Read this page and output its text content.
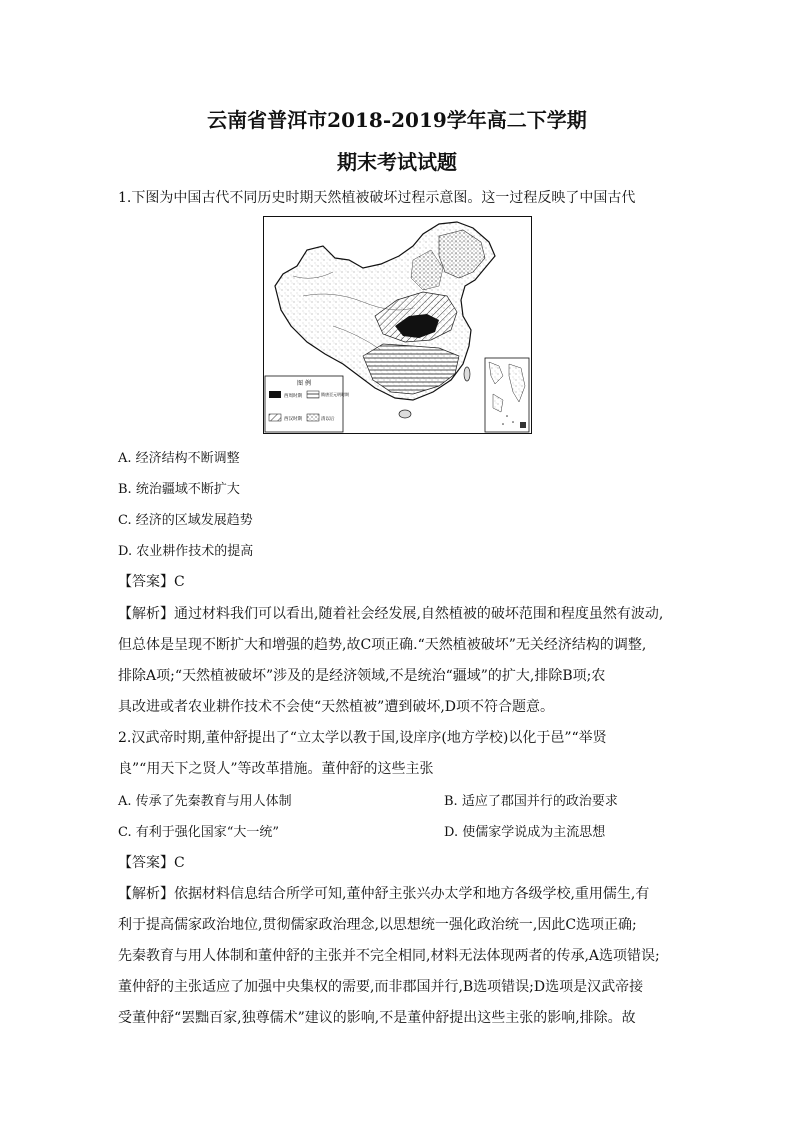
云南省普洱市2018-2019学年高二下学期
期末考试试题
1.下图为中国古代不同历史时期天然植被破坏过程示意图。这一过程反映了中国古代
图 例
西周时期	隋唐至元明时期
西汉时期	清以后
A. 经济结构不断调整
B. 统治疆域不断扩大
C. 经济的区域发展趋势
D. 农业耕作技术的提高
【答案】C
【解析】通过材料我们可以看出,随着社会经发展,自然植被的破坏范围和程度虽然有波动,
但总体是呈现不断扩大和增强的趋势,故C项正确.“天然植被破坏”无关经济结构的调整,
排除A项;“天然植被破坏”涉及的是经济领域,不是统治“疆域”的扩大,排除B项;农
具改进或者农业耕作技术不会使“天然植被”遭到破坏,D项不符合题意。
2.汉武帝时期,董仲舒提出了“立太学以教于国,设庠序(地方学校)以化于邑”“举贤
良”“用天下之贤人”等改革措施。董仲舒的这些主张
A. 传承了先秦教育与用人体制	B. 适应了郡国并行的政治要求
C. 有利于强化国家“大一统”	D. 使儒家学说成为主流思想
【答案】C
【解析】依据材料信息结合所学可知,董仲舒主张兴办太学和地方各级学校,重用儒生,有
利于提高儒家政治地位,贯彻儒家政治理念,以思想统一强化政治统一,因此C选项正确;
先秦教育与用人体制和董仲舒的主张并不完全相同,材料无法体现两者的传承,A选项错误;
董仲舒的主张适应了加强中央集权的需要,而非郡国并行,B选项错误;D选项是汉武帝接
受董仲舒“罢黜百家,独尊儒术”建议的影响,不是董仲舒提出这些主张的影响,排除。故
